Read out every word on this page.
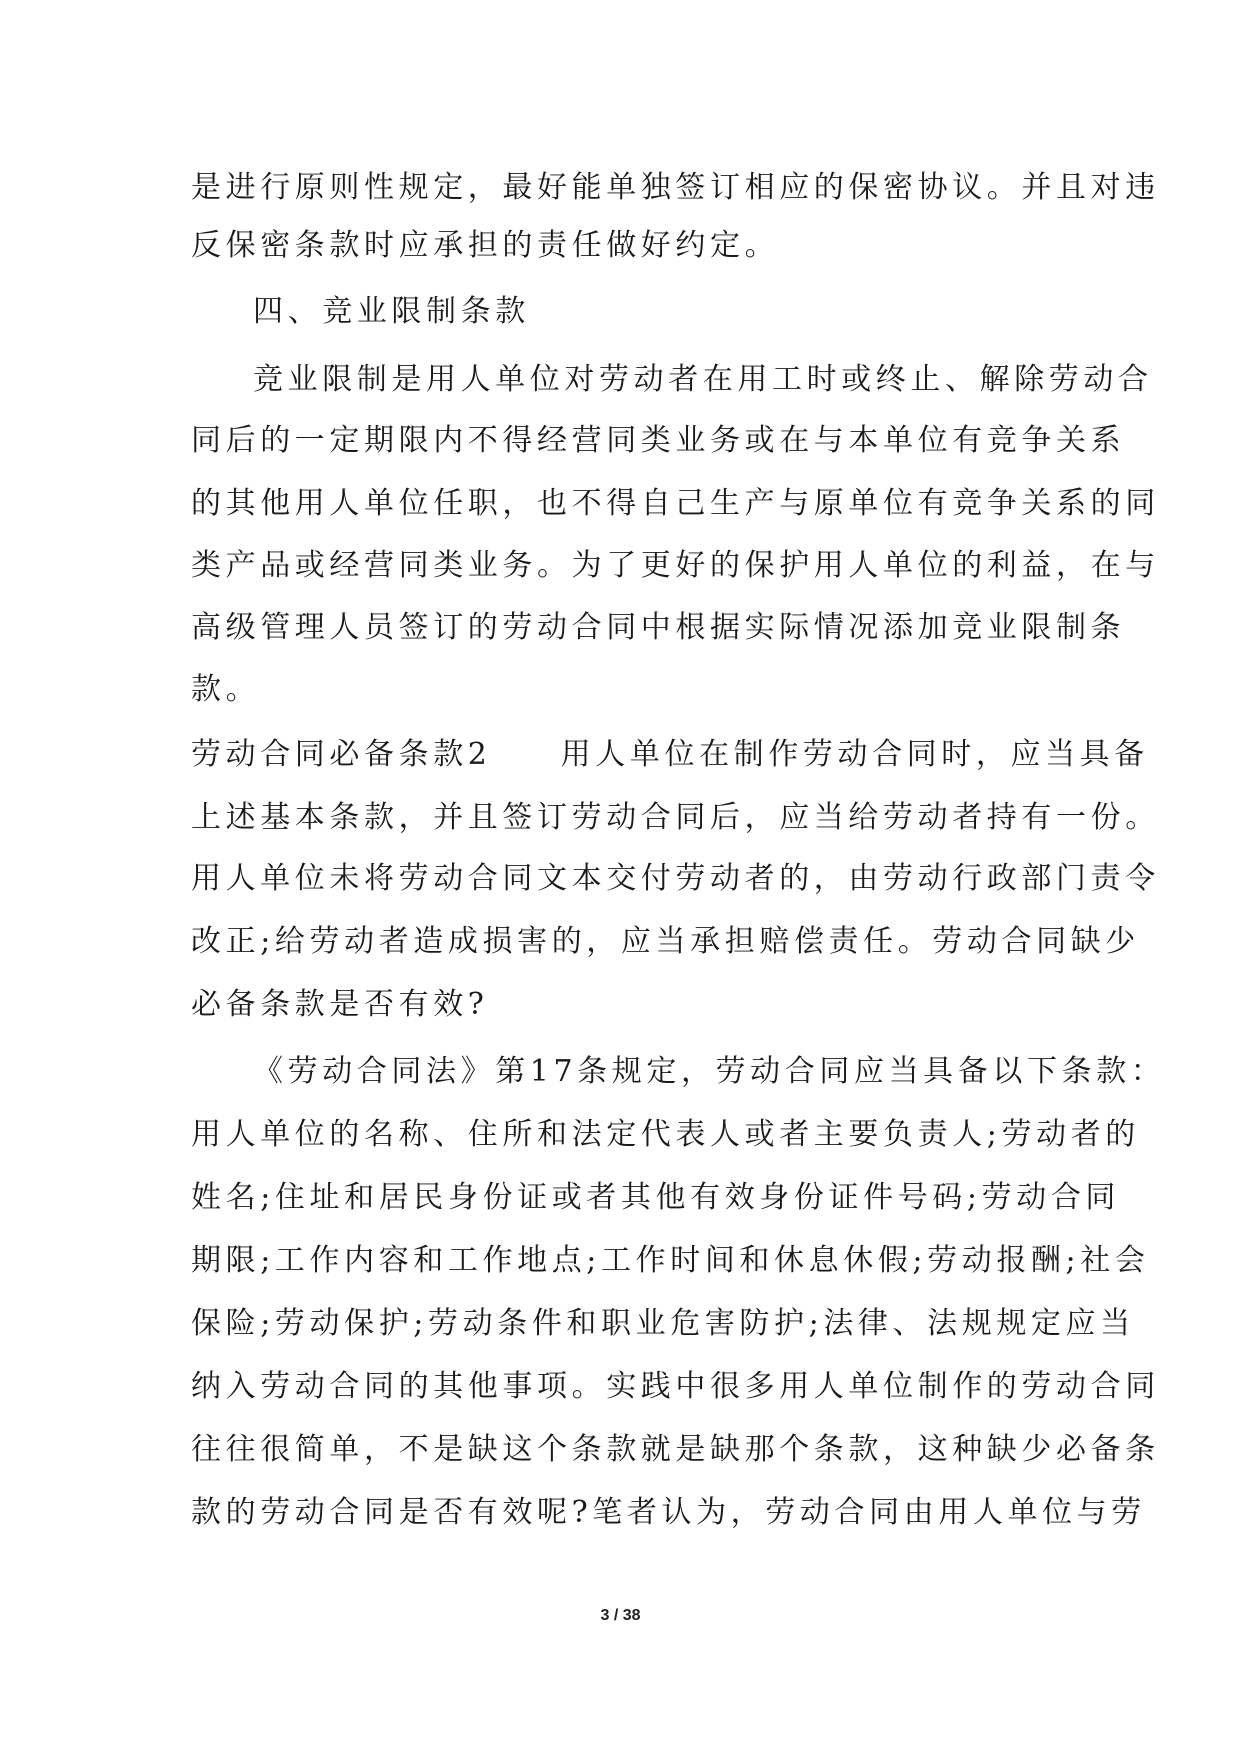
是进行原则性规定，最好能单独签订相应的保密协议。并且对违
反保密条款时应承担的责任做好约定。
四、竞业限制条款
竞业限制是用人单位对劳动者在用工时或终止、解除劳动合
同后的一定期限内不得经营同类业务或在与本单位有竞争关系
的其他用人单位任职，也不得自己生产与原单位有竞争关系的同
类产品或经营同类业务。为了更好的保护用人单位的利益，在与
高级管理人员签订的劳动合同中根据实际情况添加竞业限制条
款。
劳动合同必备条款2　　用人单位在制作劳动合同时，应当具备
上述基本条款，并且签订劳动合同后，应当给劳动者持有一份。
用人单位未将劳动合同文本交付劳动者的，由劳动行政部门责令
改正;给劳动者造成损害的，应当承担赔偿责任。劳动合同缺少
必备条款是否有效?
《劳动合同法》第17条规定，劳动合同应当具备以下条款：
用人单位的名称、住所和法定代表人或者主要负责人;劳动者的
姓名;住址和居民身份证或者其他有效身份证件号码;劳动合同
期限;工作内容和工作地点;工作时间和休息休假;劳动报酬;社会
保险;劳动保护;劳动条件和职业危害防护;法律、法规规定应当
纳入劳动合同的其他事项。实践中很多用人单位制作的劳动合同
往往很简单，不是缺这个条款就是缺那个条款，这种缺少必备条
款的劳动合同是否有效呢?笔者认为，劳动合同由用人单位与劳
3 / 38
